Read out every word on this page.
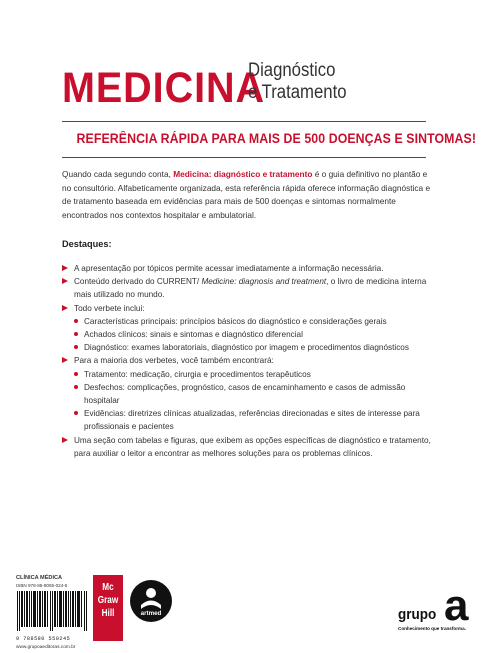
MEDICINA
Diagnóstico
e Tratamento
REFERÊNCIA RÁPIDA PARA MAIS DE 500 DOENÇAS E SINTOMAS!

Quando cada segundo conta, Medicina: diagnóstico e tratamento é o guia definitivo no plantão e no consultório. Alfabeticamente organizada, esta referência rápida oferece informação diagnóstica e de tratamento baseada em evidências para mais de 500 doenças e sintomas normalmente encontrados nos contextos hospitalar e ambulatorial.

Destaques:
A apresentação por tópicos permite acessar imediatamente a informação necessária.
Conteúdo derivado do CURRENT/ Medicine: diagnosis and treatment, o livro de medicina interna mais utilizado no mundo.
Todo verbete inclui:
Características principais: princípios básicos do diagnóstico e considerações gerais
Achados clínicos: sinais e sintomas e diagnóstico diferencial
Diagnóstico: exames laboratoriais, diagnóstico por imagem e procedimentos diagnósticos
Para a maioria dos verbetes, você também encontrará:
Tratamento: medicação, cirurgia e procedimentos terapêuticos
Desfechos: complicações, prognóstico, casos de encaminhamento e casos de admissão hospitalar
Evidências: diretrizes clínicas atualizadas, referências direcionadas e sites de interesse para profissionais e pacientes
Uma seção com tabelas e figuras, que exibem as opções específicas de diagnóstico e tratamento, para auxiliar o leitor a encontrar as melhores soluções para os problemas clínicos.
CLÍNICA MÉDICA
ISBN 978-85-8055-024-5
9 788580 550245
www.grupoaeditoras.com.br
Mc
Graw
Hill	artmed	a
grupo
Conhecimento que transforma.
